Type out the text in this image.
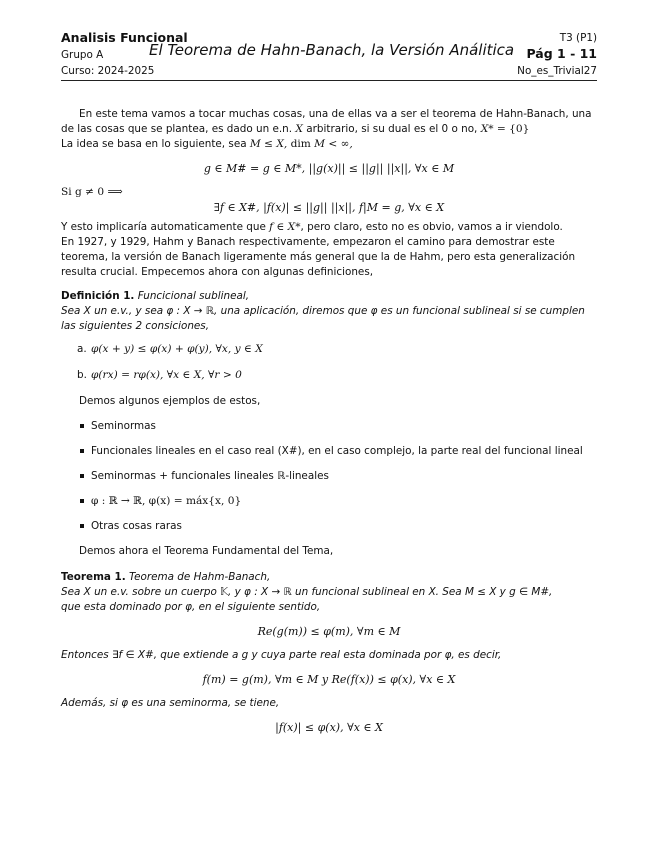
Analisis Funcional	T3 (P1)
Grupo A	El Teorema de Hahn-Banach, la Versión Análitica Pág 1 - 11
Curso: 2024-2025	No_es_Trivial27

En este tema vamos a tocar muchas cosas, una de ellas va a ser el teorema de Hahn-Banach, una de las cosas que se plantea, es dado un e.n. X arbitrario, si su dual es el 0 o no, X* = {0}

La idea se basa en lo siguiente, sea M ≤ X, dim M < ∞,

g ∈ M# = g ∈ M*, ||g(x)|| ≤ ||g|| ||x||, ∀x ∈ M

Si g ≠ 0 ⟹

∃f ∈ X#, |f(x)| ≤ ||g|| ||x||, f|M = g, ∀x ∈ X

Y esto implicaría automaticamente que f ∈ X*, pero claro, esto no es obvio, vamos a ir viendolo.

En 1927, y 1929, Hahm y Banach respectivamente, empezaron el camino para demostrar este teorema, la versión de Banach ligeramente más general que la de Hahm, pero esta generalización resulta crucial. Empecemos ahora con algunas definiciones,

Definición 1. Funcicional sublineal,

Sea X un e.v., y sea φ : X → ℝ, una aplicación, diremos que φ es un funcional sublineal si se cumplen

las siguientes 2 consiciones,

a. φ(x + y) ≤ φ(x) + φ(y), ∀x, y ∈ X
b. φ(rx) = rφ(x), ∀x ∈ X, ∀r > 0

Demos algunos ejemplos de estos,

Seminormas
Funcionales lineales en el caso real (X#), en el caso complejo, la parte real del funcional lineal
Seminormas + funcionales lineales ℝ-lineales
φ : ℝ → ℝ, φ(x) = máx{x, 0}
Otras cosas raras

Demos ahora el Teorema Fundamental del Tema,

Teorema 1. Teorema de Hahm-Banach,

Sea X un e.v. sobre un cuerpo 𝕂, y φ : X → ℝ un funcional sublineal en X. Sea M ≤ X y g ∈ M#,

que esta dominado por φ, en el siguiente sentido,

Re(g(m)) ≤ φ(m), ∀m ∈ M

Entonces ∃f ∈ X#, que extiende a g y cuya parte real esta dominada por φ, es decir,

f(m) = g(m), ∀m ∈ M y Re(f(x)) ≤ φ(x), ∀x ∈ X

Además, si φ es una seminorma, se tiene,

|f(x)| ≤ φ(x), ∀x ∈ X
